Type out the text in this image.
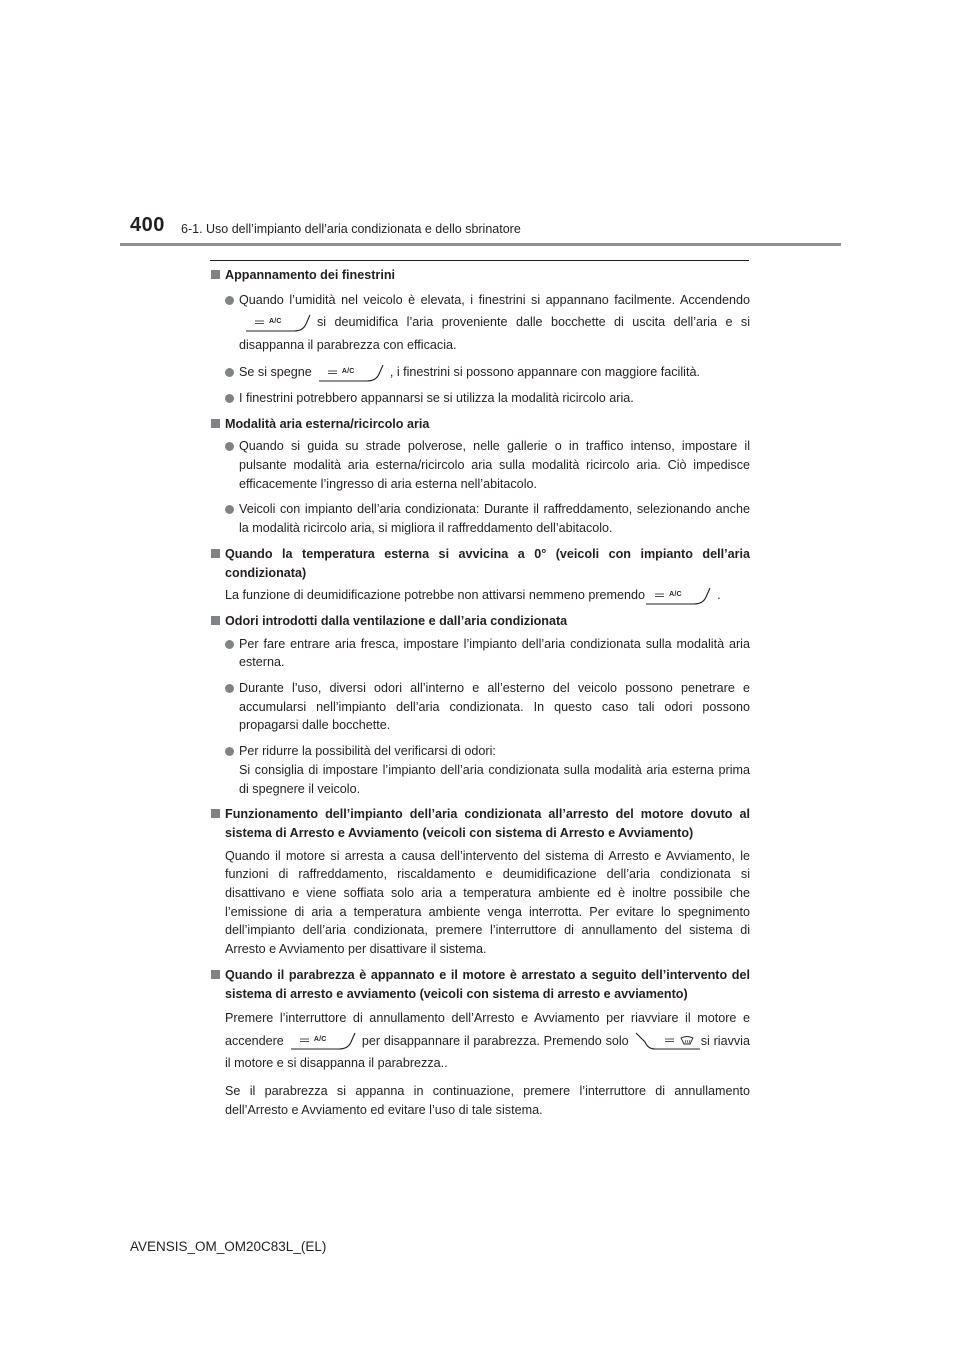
400 6-1. Uso dell’impianto dell’aria condizionata e dello sbrinatore
Appannamento dei finestrini
Quando l’umidità nel veicolo è elevata, i finestrini si appannano facilmente. Accendendo
A/C	si deumidifica l’aria proveniente dalle bocchette di uscita dell’aria e si disappanna il parabrezza con efficacia.
Se si spegne	A/C	, i finestrini si possono appannare con maggiore facilità.
I finestrini potrebbero appannarsi se si utilizza la modalità ricircolo aria.
Modalità aria esterna/ricircolo aria
Quando si guida su strade polverose, nelle gallerie o in traffico intenso, impostare il pulsante modalità aria esterna/ricircolo aria sulla modalità ricircolo aria. Ciò impedisce efficacemente l’ingresso di aria esterna nell’abitacolo.
Veicoli con impianto dell’aria condizionata: Durante il raffreddamento, selezionando anche la modalità ricircolo aria, si migliora il raffreddamento dell’abitacolo.
Quando la temperatura esterna si avvicina a 0° (veicoli con impianto dell’aria condizionata)
La funzione di deumidificazione potrebbe non attivarsi nemmeno premendo	A/C	.
Odori introdotti dalla ventilazione e dall’aria condizionata
Per fare entrare aria fresca, impostare l’impianto dell’aria condizionata sulla modalità aria esterna.
Durante l’uso, diversi odori all’interno e all’esterno del veicolo possono penetrare e accumularsi nell’impianto dell’aria condizionata. In questo caso tali odori possono propagarsi dalle bocchette.
Per ridurre la possibilità del verificarsi di odori:
Si consiglia di impostare l’impianto dell’aria condizionata sulla modalità aria esterna prima di spegnere il veicolo.
Funzionamento dell’impianto dell’aria condizionata all’arresto del motore dovuto al sistema di Arresto e Avviamento (veicoli con sistema di Arresto e Avviamento)
Quando il motore si arresta a causa dell’intervento del sistema di Arresto e Avviamento, le funzioni di raffreddamento, riscaldamento e deumidificazione dell’aria condizionata si disattivano e viene soffiata solo aria a temperatura ambiente ed è inoltre possibile che l’emissione di aria a temperatura ambiente venga interrotta. Per evitare lo spegnimento dell’impianto dell’aria condizionata, premere l’interruttore di annullamento del sistema di Arresto e Avviamento per disattivare il sistema.
Quando il parabrezza è appannato e il motore è arrestato a seguito dell’intervento del sistema di arresto e avviamento (veicoli con sistema di arresto e avviamento)
Premere l’interruttore di annullamento dell’Arresto e Avviamento per riavviare il motore e accendere	A/C	per disappannare il parabrezza. Premendo solo	si riavvia il motore e si disappanna il parabrezza..
Se il parabrezza si appanna in continuazione, premere l’interruttore di annullamento dell’Arresto e Avviamento ed evitare l’uso di tale sistema.
AVENSIS_OM_OM20C83L_(EL)
